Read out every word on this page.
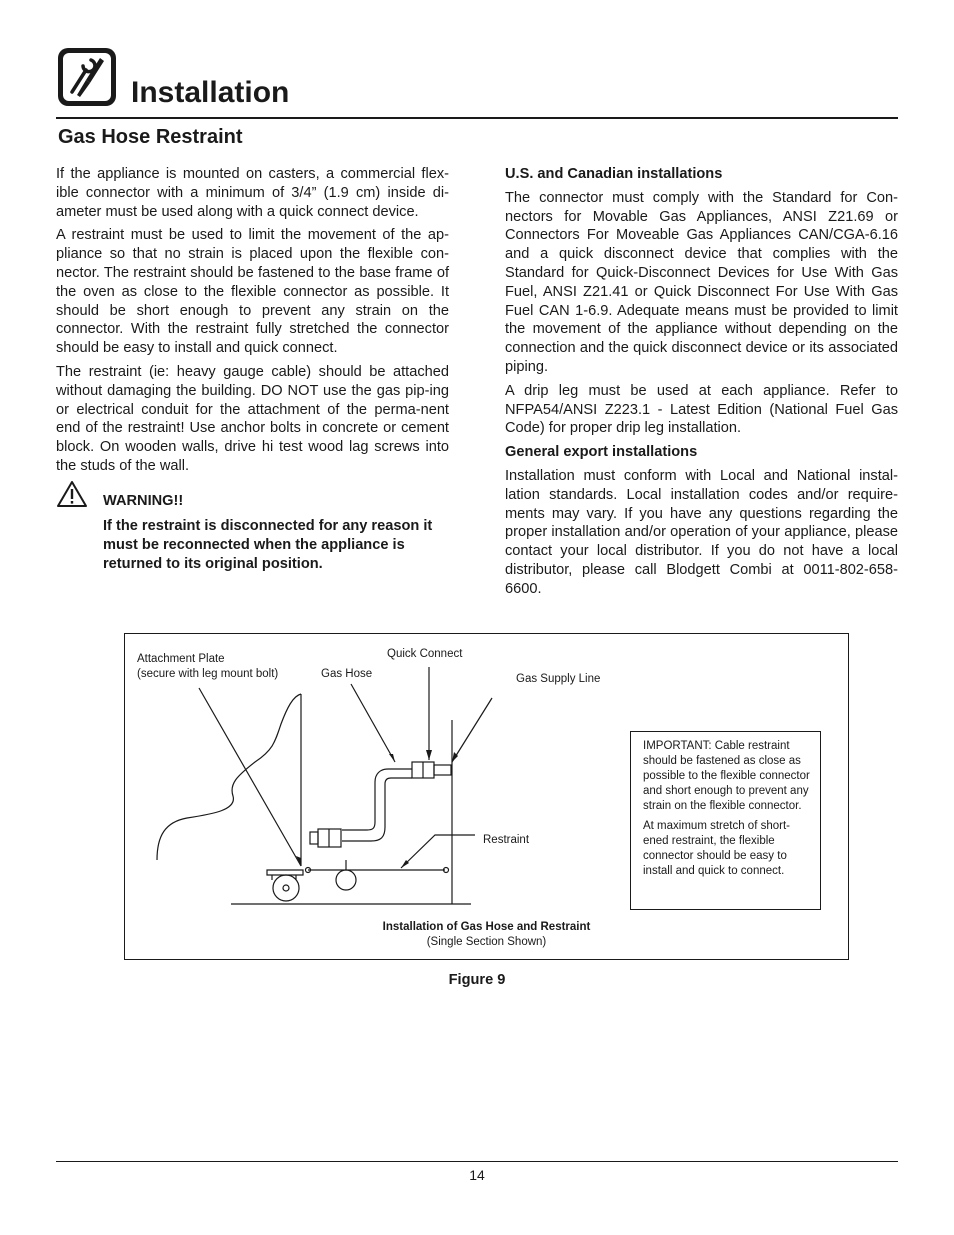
Installation
Gas Hose Restraint

If the appliance is mounted on casters, a commercial flex-ible connector with a minimum of 3/4” (1.9 cm) inside di-ameter must be used along with a quick connect device.

A restraint must be used to limit the movement of the ap-pliance so that no strain is placed upon the flexible con-nector. The restraint should be fastened to the base frame of the oven as close to the flexible connector as possible. It should be short enough to prevent any strain on the connector. With the restraint fully stretched the connector should be easy to install and quick connect.

The restraint (ie: heavy gauge cable) should be attached without damaging the building. DO NOT use the gas pip-ing or electrical conduit for the attachment of the perma-nent end of the restraint! Use anchor bolts in concrete or cement block. On wooden walls, drive hi test wood lag screws into the studs of the wall.

WARNING!!

If the restraint is disconnected for any reason it must be reconnected when the appliance is returned to its original position.

U.S. and Canadian installations

The connector must comply with the Standard for Con-nectors for Movable Gas Appliances, ANSI Z21.69 or Connectors For Moveable Gas Appliances CAN/CGA-6.16 and a quick disconnect device that complies with the Standard for Quick-Disconnect Devices for Use With Gas Fuel, ANSI Z21.41 or Quick Disconnect For Use With Gas Fuel CAN 1-6.9. Adequate means must be provided to limit the movement of the appliance without depending on the connection and the quick disconnect device or its associated piping.

A drip leg must be used at each appliance. Refer to NFPA54/ANSI Z223.1 - Latest Edition (National Fuel Gas Code) for proper drip leg installation.

General export installations

Installation must conform with Local and National instal-lation standards. Local installation codes and/or require-ments may vary. If you have any questions regarding the proper installation and/or operation of your appliance, please contact your local distributor. If you do not have a local distributor, please call Blodgett Combi at 0011-802-658-6600.

Attachment Plate
(secure with leg mount bolt)	Gas Hose
Quick Connect
Gas Supply Line
Restraint

IMPORTANT: Cable restraint should be fastened as close as possible to the flexible connector and short enough to prevent any strain on the flexible connector.

At maximum stretch of short-ened restraint, the flexible connector should be easy to install and quick to connect.

Installation of Gas Hose and Restraint
(Single Section Shown)
Figure 9
14
